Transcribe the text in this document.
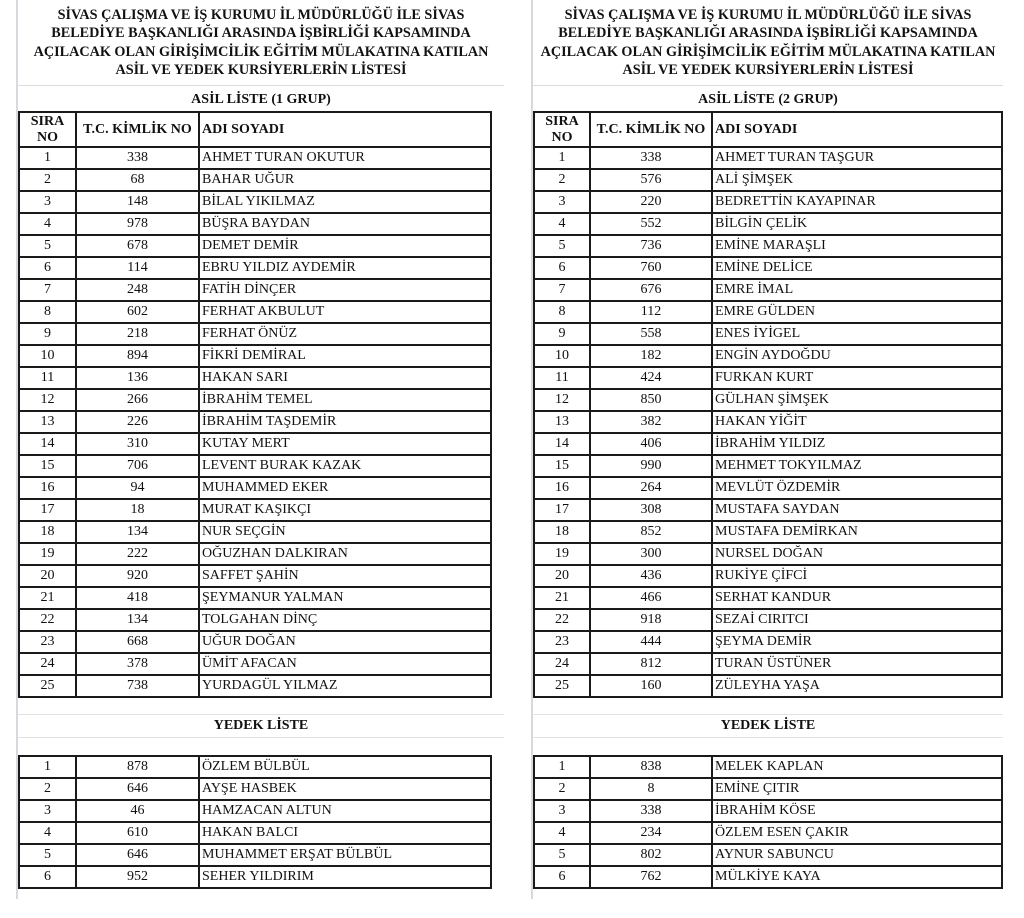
SİVAS ÇALIŞMA VE İŞ KURUMU İL MÜDÜRLÜĞÜ İLE SİVAS BELEDİYE BAŞKANLIĞI ARASINDA İŞBİRLİĞİ KAPSAMINDA AÇILACAK OLAN GİRİŞİMCİLİK EĞİTİM MÜLAKATINA KATILAN ASİL VE YEDEK KURSİYERLERİN LİSTESİ
ASİL LİSTE (1 GRUP)
SIRA
NO	T.C. KİMLİK NO	ADI SOYADI
1	338	AHMET TURAN OKUTUR
2	68	BAHAR UĞUR
3	148	BİLAL YIKILMAZ
4	978	BÜŞRA BAYDAN
5	678	DEMET DEMİR
6	114	EBRU YILDIZ AYDEMİR
7	248	FATİH DİNÇER
8	602	FERHAT AKBULUT
9	218	FERHAT ÖNÜZ
10	894	FİKRİ DEMİRAL
11	136	HAKAN SARI
12	266	İBRAHİM TEMEL
13	226	İBRAHİM TAŞDEMİR
14	310	KUTAY MERT
15	706	LEVENT BURAK KAZAK
16	94	MUHAMMED EKER
17	18	MURAT KAŞIKÇI
18	134	NUR SEÇGİN
19	222	OĞUZHAN DALKIRAN
20	920	SAFFET ŞAHİN
21	418	ŞEYMANUR YALMAN
22	134	TOLGAHAN DİNÇ
23	668	UĞUR DOĞAN
24	378	ÜMİT AFACAN
25	738	YURDAGÜL YILMAZ
YEDEK LİSTE
1	878	ÖZLEM BÜLBÜL
2	646	AYŞE HASBEK
3	46	HAMZACAN ALTUN
4	610	HAKAN BALCI
5	646	MUHAMMET ERŞAT BÜLBÜL
6	952	SEHER YILDIRIM
SİVAS ÇALIŞMA VE İŞ KURUMU İL MÜDÜRLÜĞÜ İLE SİVAS BELEDİYE BAŞKANLIĞI ARASINDA İŞBİRLİĞİ KAPSAMINDA AÇILACAK OLAN GİRİŞİMCİLİK EĞİTİM MÜLAKATINA KATILAN ASİL VE YEDEK KURSİYERLERİN LİSTESİ
ASİL LİSTE (2 GRUP)
SIRA
NO	T.C. KİMLİK NO	ADI SOYADI
1	338	AHMET TURAN TAŞGUR
2	576	ALİ ŞİMŞEK
3	220	BEDRETTİN KAYAPINAR
4	552	BİLGİN ÇELİK
5	736	EMİNE MARAŞLI
6	760	EMİNE DELİCE
7	676	EMRE İMAL
8	112	EMRE GÜLDEN
9	558	ENES İYİGEL
10	182	ENGİN AYDOĞDU
11	424	FURKAN KURT
12	850	GÜLHAN ŞİMŞEK
13	382	HAKAN YİĞİT
14	406	İBRAHİM YILDIZ
15	990	MEHMET TOKYILMAZ
16	264	MEVLÜT ÖZDEMİR
17	308	MUSTAFA SAYDAN
18	852	MUSTAFA DEMİRKAN
19	300	NURSEL DOĞAN
20	436	RUKİYE ÇİFCİ
21	466	SERHAT KANDUR
22	918	SEZAİ CIRITCI
23	444	ŞEYMA DEMİR
24	812	TURAN ÜSTÜNER
25	160	ZÜLEYHA YAŞA
YEDEK LİSTE
1	838	MELEK KAPLAN
2	8	EMİNE ÇITIR
3	338	İBRAHİM KÖSE
4	234	ÖZLEM ESEN ÇAKIR
5	802	AYNUR SABUNCU
6	762	MÜLKİYE KAYA
